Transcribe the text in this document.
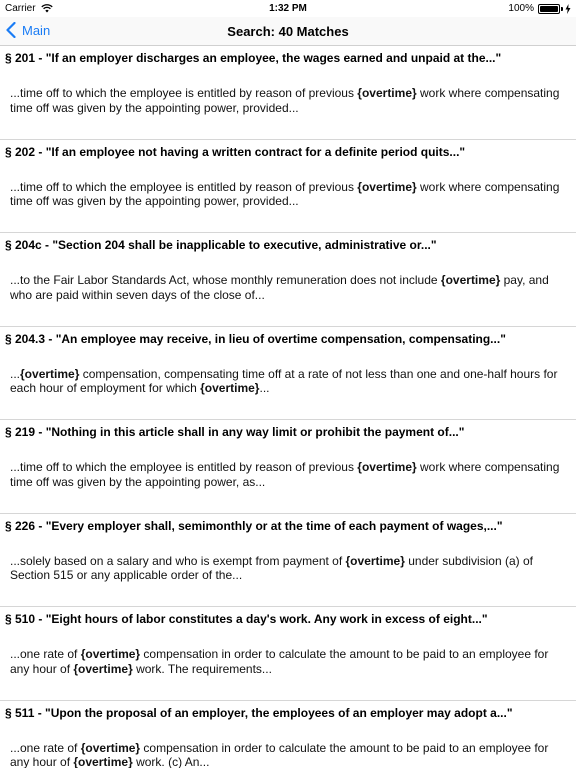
Carrier	1:32 PM	100%
Main	Search: 40 Matches
§ 201 - "If an employer discharges an employee, the wages earned and unpaid at the..."
...time off to which the employee is entitled by reason of previous {overtime} work where compensating time off was given by the appointing power, provided...
§ 202 - "If an employee not having a written contract for a definite period quits..."
...time off to which the employee is entitled by reason of previous {overtime} work where compensating time off was given by the appointing power, provided...
§ 204c - "Section 204 shall be inapplicable to executive, administrative or..."
...to the Fair Labor Standards Act, whose monthly remuneration does not include {overtime} pay, and who are paid within seven days of the close of...
§ 204.3 - "An employee may receive, in lieu of overtime compensation, compensating..."
...{overtime} compensation, compensating time off at a rate of not less than one and one-half hours for each hour of employment for which {overtime}...
§ 219 - "Nothing in this article shall in any way limit or prohibit the payment of..."
...time off to which the employee is entitled by reason of previous {overtime} work where compensating time off was given by the appointing power, as...
§ 226 - "Every employer shall, semimonthly or at the time of each payment of wages,..."
...solely based on a salary and who is exempt from payment of {overtime} under subdivision (a) of Section 515 or any applicable order of the...
§ 510 - "Eight hours of labor constitutes a day's work. Any work in excess of eight..."
...one rate of {overtime} compensation in order to calculate the amount to be paid to an employee for any hour of {overtime} work. The requirements...
§ 511 - "Upon the proposal of an employer, the employees of an employer may adopt a..."
...one rate of {overtime} compensation in order to calculate the amount to be paid to an employee for any hour of {overtime} work. (c) An...
